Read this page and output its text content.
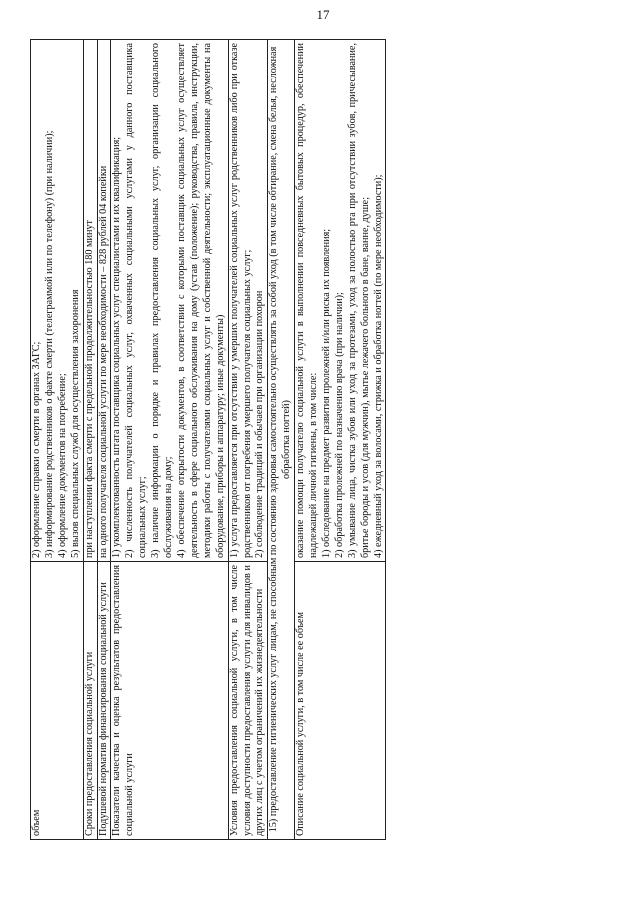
17
объем	2) оформление справки о смерти в органах ЗАГС; 3) информирование родственников о факте смерти (телеграммой или по телефону) (при наличии); 4) оформление документов на погребение; 5) вызов специальных служб для осуществления захоронения

Сроки предоставления социальной услуги	при наступлении факта смерти с предельной продолжительностью 180 минут

Подушевой норматив финансирования социальной услуги	на одного получателя социальной услуги по мере необходимости – 828 рублей 04 копейки

Показатели качества и оценка результатов предоставления социальной услуги	1) укомплектованность штата поставщика социальных услуг специалистами и их квалификация; 2) численность получателей социальных услуг, охваченных социальными услугами у данного поставщика социальных услуг; 3) наличие информации о порядке и правилах предоставления социальных услуг, организации социального обслуживания на дому; 4) обеспечение открытости документов, в соответствии с которыми поставщик социальных услуг осуществляет деятельность в сфере социального обслуживания на дому (устав (положение); руководства, правила, инструкции, методики работы с получателями социальных услуг и собственной деятельности; эксплуатационные документы на оборудование, приборы и аппаратуру; иные документы)

Условия предоставления социальной услуги, в том числе условия доступности предоставления услуги для инвалидов и других лиц с учетом ограничений их жизнедеятельности	1) услуга предоставляется при отсутствии у умерших получателей социальных услуг родственников либо при отказе родственников от погребения умершего получателя социальных услуг; 2) соблюдение традиций и обычаев при организации похорон

15) предоставление гигиенических услуг лицам, не способным по состоянию здоровья самостоятельно осуществлять за собой уход (в том числе обтирание, смена белья, несложная обработка ногтей)	

Описание социальной услуги, в том числе ее объем	оказание помощи получателю социальной услуги в выполнении повседневных бытовых процедур, обеспечении надлежащей личной гигиены, в том числе: 1) обследование на предмет развития пролежней и/или риска их появления; 2) обработка пролежней по назначению врача (при наличии); 3) умывание лица, чистка зубов или уход за протезами, уход за полостью рта при отсутствии зубов, причесывание, бритье бороды и усов (для мужчин), мытье лежачего больного в бане, ванне, душе; 4) ежедневный уход за волосами, стрижка и обработка ногтей (по мере необходимости);
